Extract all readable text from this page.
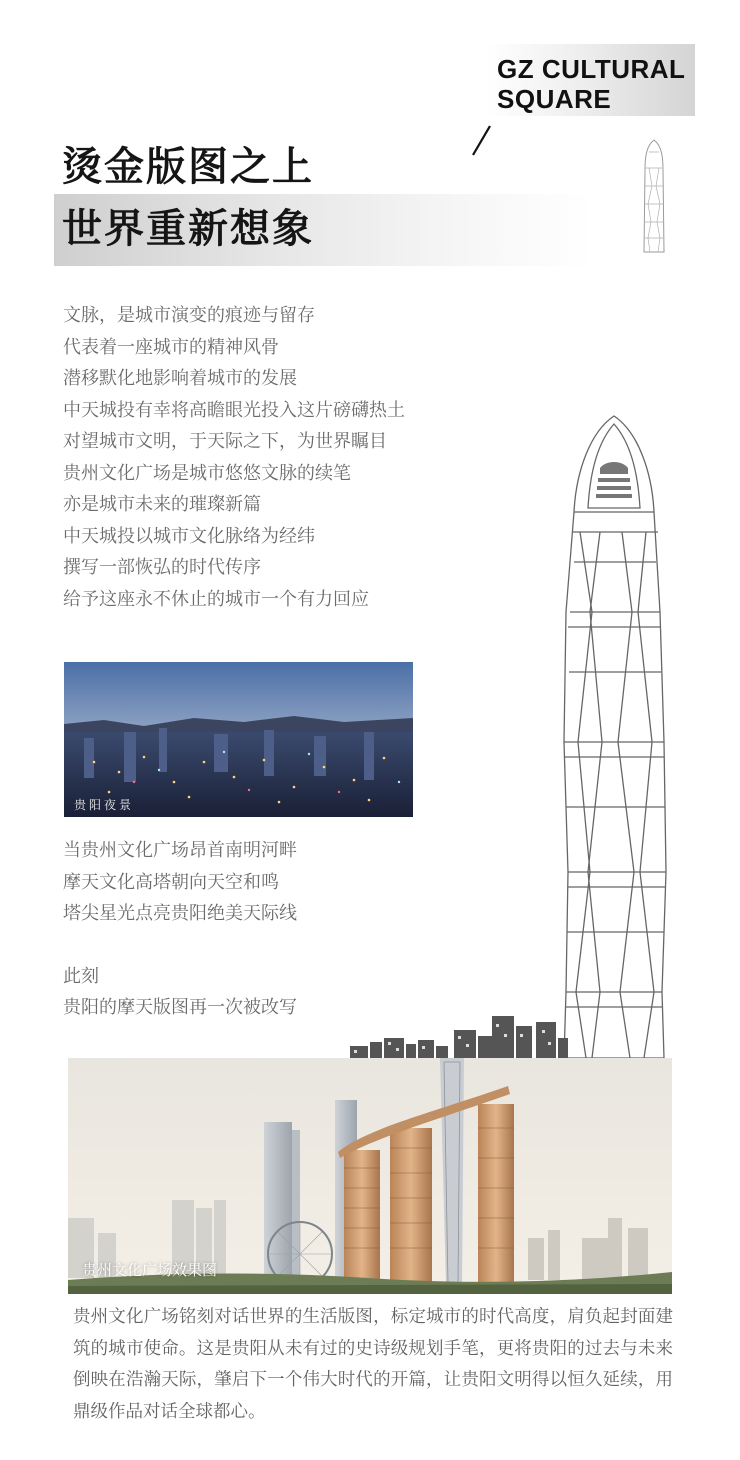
GZ CULTURAL
SQUARE
烫金版图之上
世界重新想象
文脉，是城市演变的痕迹与留存
代表着一座城市的精神风骨
潜移默化地影响着城市的发展
中天城投有幸将高瞻眼光投入这片磅礴热土
对望城市文明，于天际之下，为世界瞩目
贵州文化广场是城市悠悠文脉的续笔
亦是城市未来的璀璨新篇
中天城投以城市文化脉络为经纬
撰写一部恢弘的时代传序
给予这座永不休止的城市一个有力回应
贵阳夜景
当贵州文化广场昂首南明河畔
摩天文化高塔朝向天空和鸣
塔尖星光点亮贵阳绝美天际线
此刻
贵阳的摩天版图再一次被改写
贵州文化广场效果图

贵州文化广场铭刻对话世界的生活版图，标定城市的时代高度，肩负起封面建筑的城市使命。这是贵阳从未有过的史诗级规划手笔，更将贵阳的过去与未来倒映在浩瀚天际，肇启下一个伟大时代的开篇，让贵阳文明得以恒久延续，用鼎级作品对话全球都心。
